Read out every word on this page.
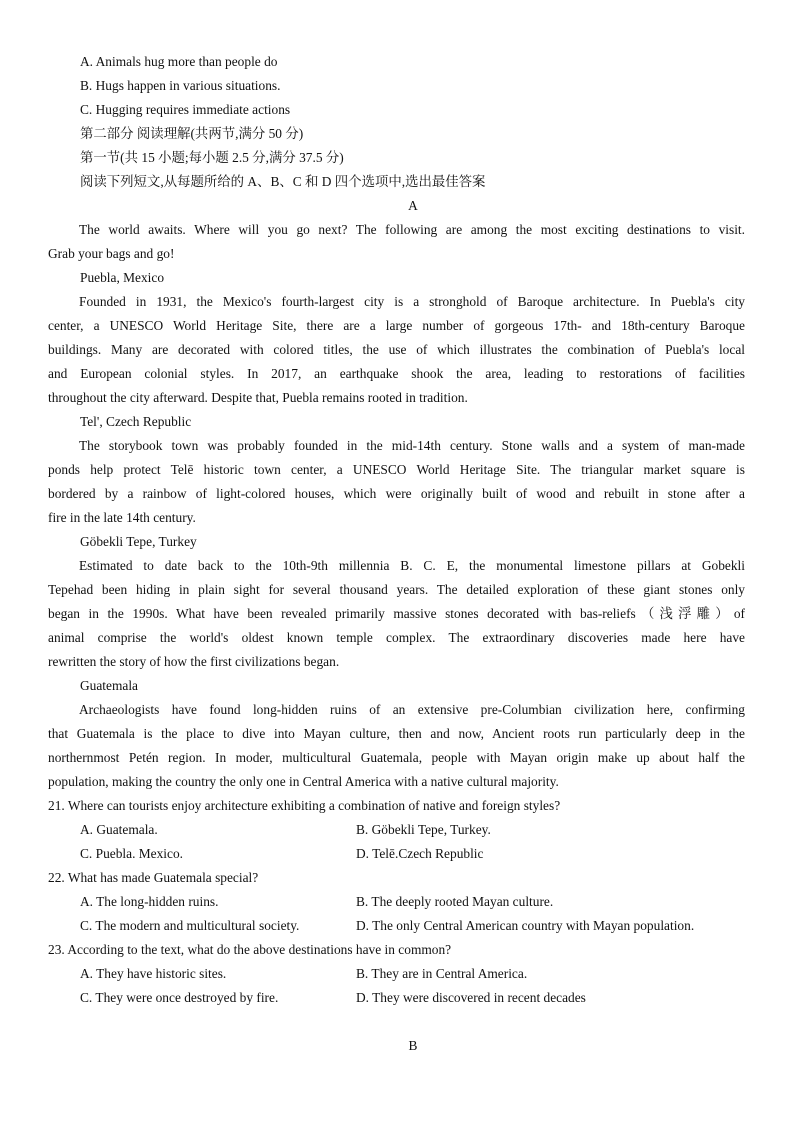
A. Animals hug more than people do
B. Hugs happen in various situations.
C. Hugging requires immediate actions
第二部分 阅读理解(共两节,满分 50 分)
第一节(共 15 小题;每小题 2.5 分,满分 37.5 分)
阅读下列短文,从每题所给的 A、B、C 和 D 四个选项中,选出最佳答案
A
The world awaits. Where will you go next? The following are among the most exciting destinations to visit.
Grab your bags and go!
Puebla, Mexico
Founded in 1931, the Mexico's fourth-largest city is a stronghold of Baroque architecture. In Puebla's city
center, a UNESCO World Heritage Site, there are a large number of gorgeous 17th- and 18th-century Baroque
buildings. Many are decorated with colored titles, the use of which illustrates the combination of Puebla's local
and European colonial styles. In 2017, an earthquake shook the area, leading to restorations of facilities
throughout the city afterward. Despite that, Puebla remains rooted in tradition.
Tel', Czech Republic
The storybook town was probably founded in the mid-14th century. Stone walls and a system of man-made
ponds help protect Telē historic town center, a UNESCO World Heritage Site. The triangular market square is
bordered by a rainbow of light-colored houses, which were originally built of wood and rebuilt in stone after a
fire in the late 14th century.
Göbekli Tepe, Turkey
Estimated to date back to the 10th-9th millennia B. C. E, the monumental limestone pillars at Gobekli
Tepehad been hiding in plain sight for several thousand years. The detailed exploration of these giant stones only
began in the 1990s. What have been revealed primarily massive stones decorated with bas-reliefs（浅浮雕）of
animal comprise the world's oldest known temple complex. The extraordinary discoveries made here have
rewritten the story of how the first civilizations began.
Guatemala
Archaeologists have found long-hidden ruins of an extensive pre-Columbian civilization here, confirming
that Guatemala is the place to dive into Mayan culture, then and now, Ancient roots run particularly deep in the
northernmost Petén region. In moder, multicultural Guatemala, people with Mayan origin make up about half the
population, making the country the only one in Central America with a native cultural majority.
21. Where can tourists enjoy architecture exhibiting a combination of native and foreign styles?
A. Guatemala.	B. Göbekli Tepe, Turkey.
C. Puebla. Mexico.	D. Telē.Czech Republic
22. What has made Guatemala special?
A. The long-hidden ruins.	B. The deeply rooted Mayan culture.
C. The modern and multicultural society.	D. The only Central American country with Mayan population.
23. According to the text, what do the above destinations have in common?
A. They have historic sites.	B. They are in Central America.
C. They were once destroyed by fire.	D. They were discovered in recent decades
B
